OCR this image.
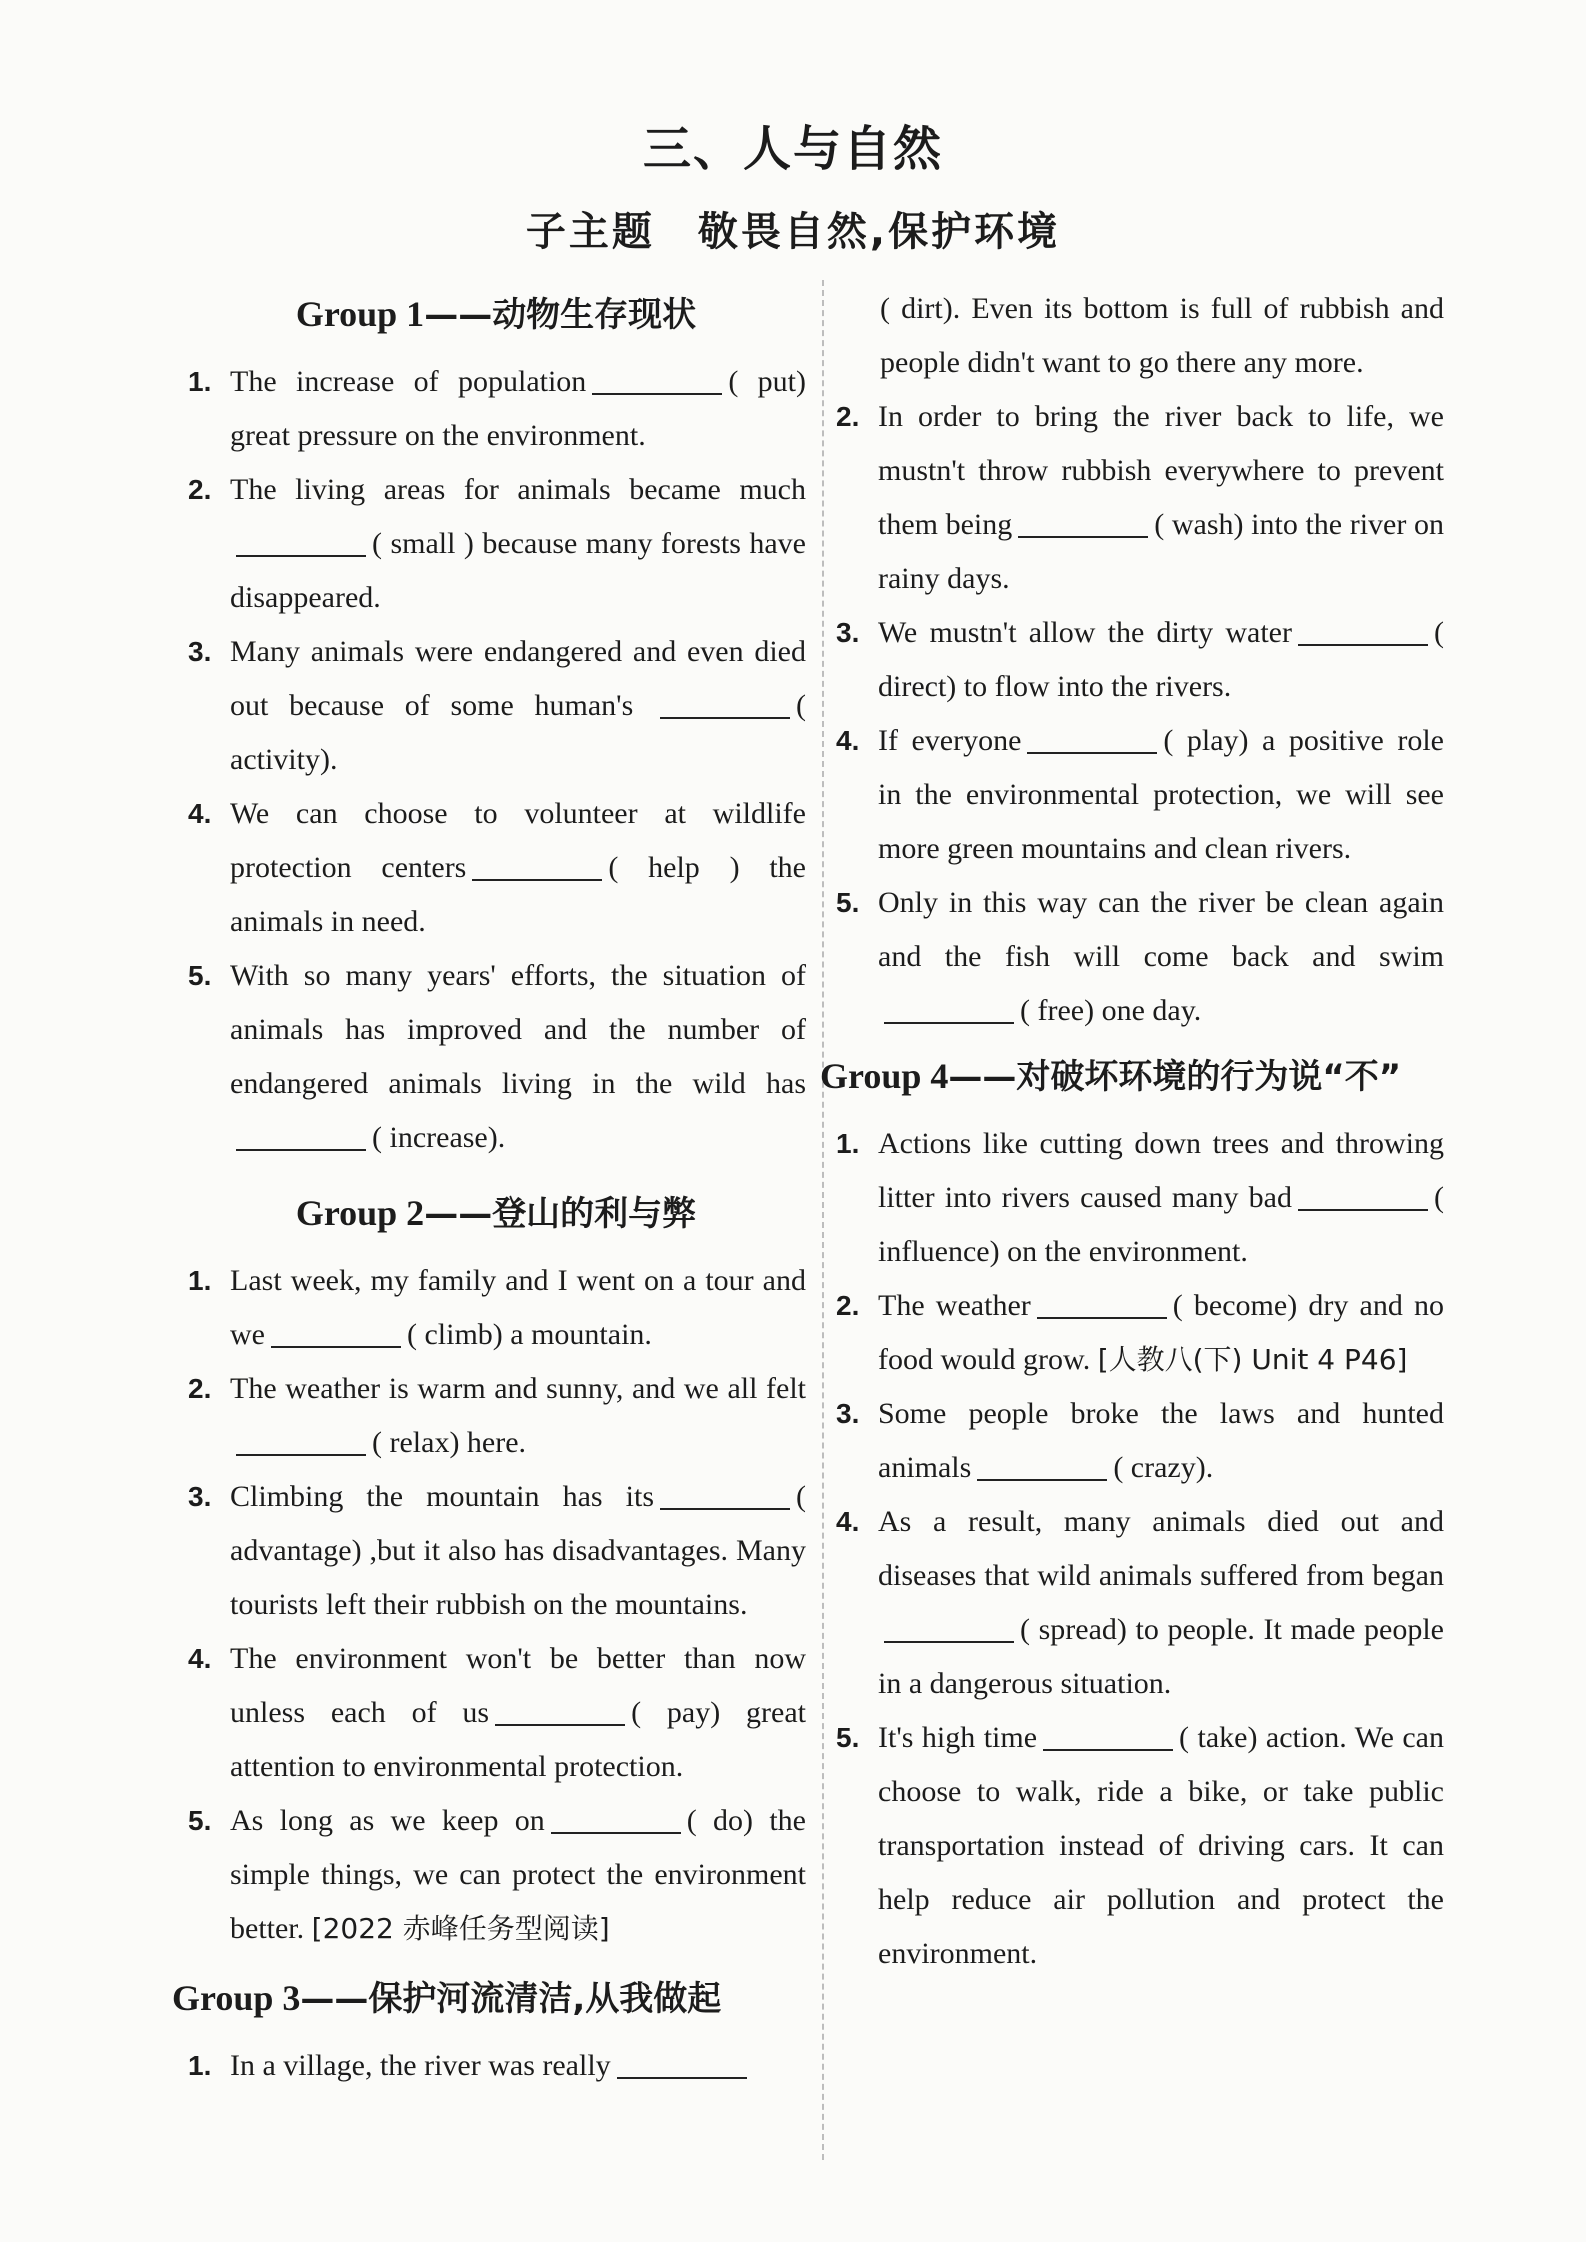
三、人与自然
子主题　敬畏自然,保护环境
Group 1——动物生存现状
1. The increase of population	( put) great pressure on the environment.
2. The living areas for animals became much ( small ) because many forests have disappeared.
3. Many animals were endangered and even died out because of some human's	( activity).
4. We can choose to volunteer at wildlife protection centers	( help ) the animals in need.
5. With so many years' efforts, the situation of animals has improved and the number of endangered animals living in the wild has ( increase).
Group 2——登山的利与弊
1. Last week, my family and I went on a tour and we	( climb) a mountain.
2. The weather is warm and sunny, and we all felt( relax) here.
3. Climbing the mountain has its	( advantage) ,but it also has disadvantages. Many tourists left their rubbish on the mountains.
4. The environment won't be better than now unless each of us	( pay) great attention to environmental protection.
5. As long as we keep on	( do) the simple things, we can protect the environment better. [2022 赤峰任务型阅读]
Group 3——保护河流清洁,从我做起
1. In a village, the river was really
( dirt). Even its bottom is full of rubbish and people didn't want to go there any more.
2. In order to bring the river back to life, we mustn't throw rubbish everywhere to prevent them being	( wash) into the river on rainy days.
3. We mustn't allow the dirty water	( direct) to flow into the rivers.
4. If everyone	( play) a positive role in the environmental protection, we will see more green mountains and clean rivers.
5. Only in this way can the river be clean again and the fish will come back and swim ( free) one day.
Group 4——对破坏环境的行为说“不”
1. Actions like cutting down trees and throwing litter into rivers caused many bad	( influence) on the environment.
2. The weather	( become) dry and no food would grow. [人教八(下) Unit 4 P46]
3. Some people broke the laws and hunted animals	( crazy).
4. As a result, many animals died out and diseases that wild animals suffered from began ( spread) to people. It made people in a dangerous situation.
5. It's high time	( take) action. We can choose to walk, ride a bike, or take public transportation instead of driving cars. It can help reduce air pollution and protect the environment.
